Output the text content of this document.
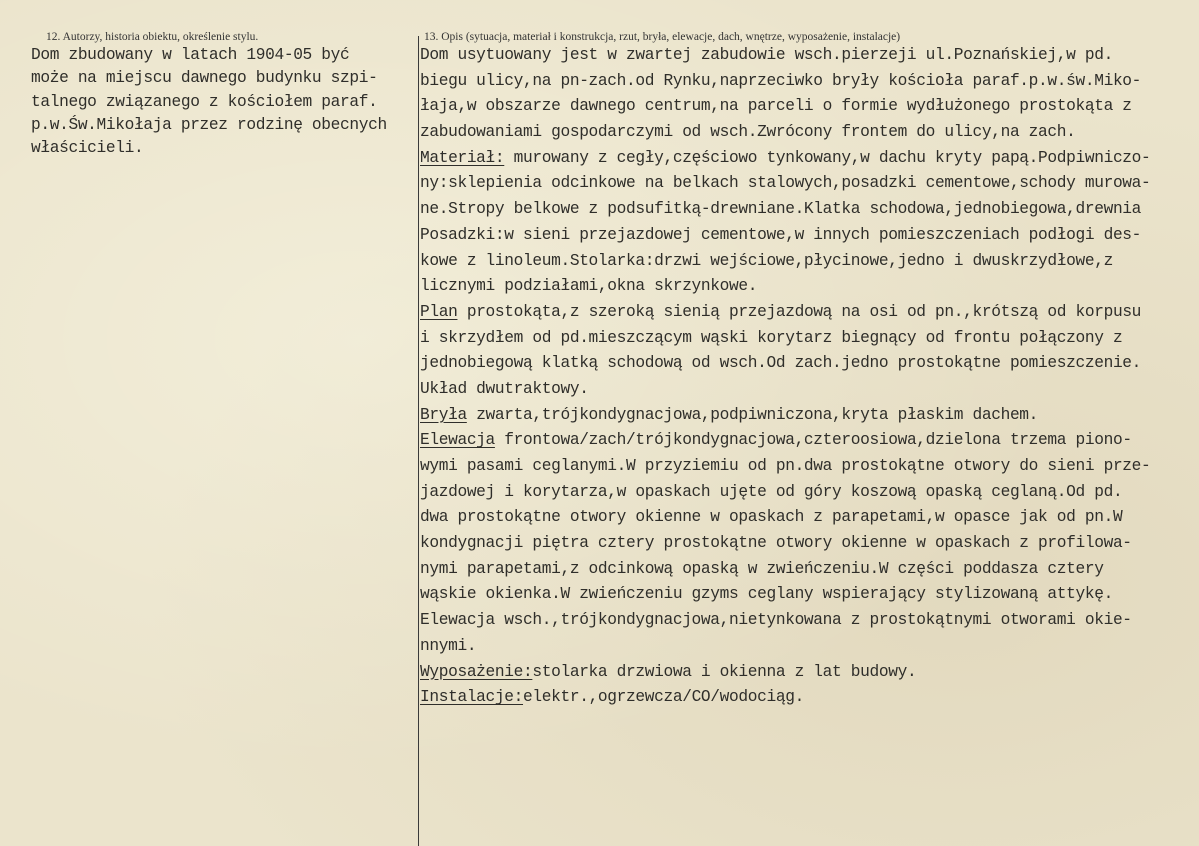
12. Autorzy, historia obiektu, określenie stylu.	13. Opis (sytuacja, materiał i konstrukcja, rzut, bryła, elewacje, dach, wnętrze, wyposażenie, instalacje)
Dom zbudowany w latach 1904-05 być
może na miejscu dawnego budynku szpi-
talnego związanego z kościołem paraf.
p.w.Św.Mikołaja przez rodzinę obecnych
właścicieli.
Dom usytuowany jest w zwartej zabudowie wsch.pierzeji ul.Poznańskiej,w pd.
biegu ulicy,na pn-zach.od Rynku,naprzeciwko bryły kościoła paraf.p.w.św.Miko-
łaja,w obszarze dawnego centrum,na parceli o formie wydłużonego prostokąta z
zabudowaniami gospodarczymi od wsch.Zwrócony frontem do ulicy,na zach.
Materiał: murowany z cegły,częściowo tynkowany,w dachu kryty papą.Podpiwniczo-
ny:sklepienia odcinkowe na belkach stalowych,posadzki cementowe,schody murowa-
ne.Stropy belkowe z podsufitką-drewniane.Klatka schodowa,jednobiegowa,drewnia
Posadzki:w sieni przejazdowej cementowe,w innych pomieszczeniach podłogi des-
kowe z linoleum.Stolarka:drzwi wejściowe,płycinowe,jedno i dwuskrzydłowe,z
licznymi podziałami,okna skrzynkowe.
Plan prostokąta,z szeroką sienią przejazdową na osi od pn.,krótszą od korpusu
i skrzydłem od pd.mieszczącym wąski korytarz biegnący od frontu połączony z
jednobiegową klatką schodową od wsch.Od zach.jedno prostokątne pomieszczenie.
Układ dwutraktowy.
Bryła zwarta,trójkondygnacjowa,podpiwniczona,kryta płaskim dachem.
Elewacja frontowa/zach/trójkondygnacjowa,czteroosiowa,dzielona trzema piono-
wymi pasami ceglanymi.W przyziemiu od pn.dwa prostokątne otwory do sieni prze-
jazdowej i korytarza,w opaskach ujęte od góry koszową opaską ceglaną.Od pd.
dwa prostokątne otwory okienne w opaskach z parapetami,w opasce jak od pn.W
kondygnacji piętra cztery prostokątne otwory okienne w opaskach z profilowa-
nymi parapetami,z odcinkową opaską w zwieńczeniu.W części poddasza cztery
wąskie okienka.W zwieńczeniu gzyms ceglany wspierający stylizowaną attykę.
Elewacja wsch.,trójkondygnacjowa,nietynkowana z prostokątnymi otworami okie-
nnymi.
Wyposażenie:stolarka drzwiowa i okienna z lat budowy.
Instalacje:elektr.,ogrzewcza/CO/wodociąg.
